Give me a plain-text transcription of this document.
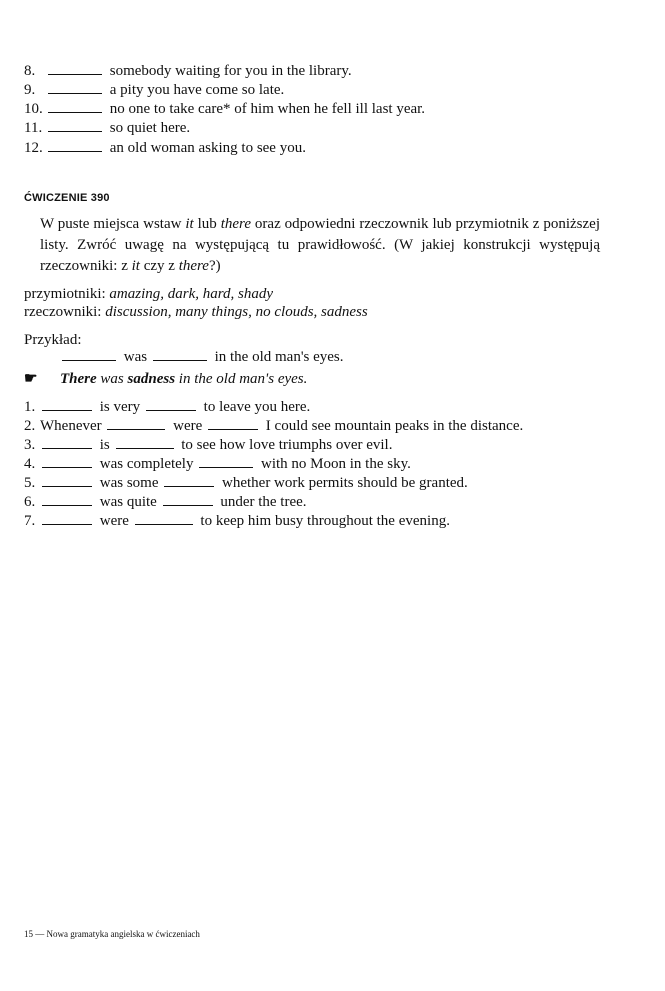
8.	somebody waiting for you in the library.
9.	a pity you have come so late.
10.	no one to take care* of him when he fell ill last year.
11.	so quiet here.
12.	an old woman asking to see you.
ĆWICZENIE 390
W puste miejsca wstaw it lub there oraz odpowiedni rzeczownik lub przymiotnik z poniższej listy. Zwróć uwagę na występującą tu prawidłowość. (W jakiej konstrukcji występują rzeczowniki: z it czy z there?)
przymiotniki: amazing, dark, hard, shady
rzeczowniki: discussion, many things, no clouds, sadness
Przykład:
was	in the old man's eyes.
☛ There was sadness in the old man's eyes.
1.	is very	to leave you here.
2. Whenever	were	I could see mountain peaks in the distance.
3.	is	to see how love triumphs over evil.
4.	was completely	with no Moon in the sky.
5.	was some	whether work permits should be granted.
6.	was quite	under the tree.
7.	were	to keep him busy throughout the evening.
15 — Nowa gramatyka angielska w ćwiczeniach
